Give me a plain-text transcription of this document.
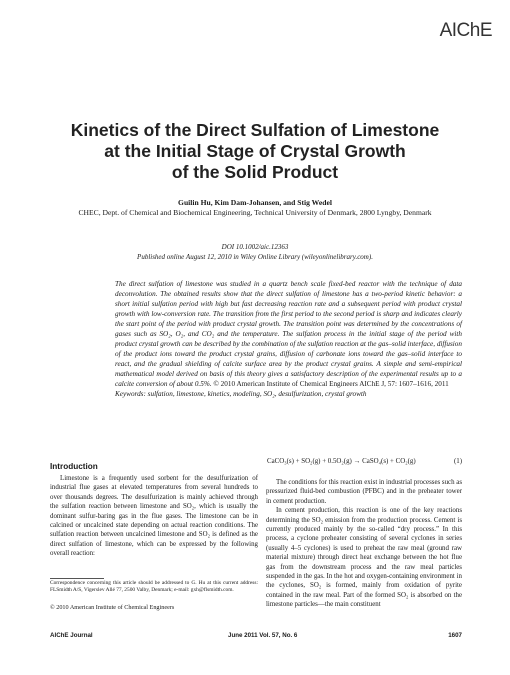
AIChE
Kinetics of the Direct Sulfation of Limestone
at the Initial Stage of Crystal Growth
of the Solid Product
Guilin Hu, Kim Dam-Johansen, and Stig Wedel
CHEC, Dept. of Chemical and Biochemical Engineering, Technical University of Denmark, 2800 Lyngby, Denmark
DOI 10.1002/aic.12363
Published online August 12, 2010 in Wiley Online Library (wileyonlinelibrary.com).
The direct sulfation of limestone was studied in a quartz bench scale fixed-bed reactor with the technique of data deconvolution. The obtained results show that the direct sulfation of limestone has a two-period kinetic behavior: a short initial sulfation period with high but fast decreasing reaction rate and a subsequent period with product crystal growth with low-conversion rate. The transition from the first period to the second period is sharp and indicates clearly the start point of the period with product crystal growth. The transition point was determined by the concentrations of gases such as SO₂, O₂, and CO₂ and the temperature. The sulfation process in the initial stage of the period with product crystal growth can be described by the combination of the sulfation reaction at the gas–solid interface, diffusion of the product ions toward the product crystal grains, diffusion of carbonate ions toward the gas–solid interface to react, and the gradual shielding of calcite surface area by the product crystal grains. A simple and semi-empirical mathematical model derived on basis of this theory gives a satisfactory description of the experimental results up to a calcite conversion of about 0.5%. © 2010 American Institute of Chemical Engineers AIChE J, 57: 1607–1616, 2011
Keywords: sulfation, limestone, kinetics, modeling, SO₂, desulfurization, crystal growth
Introduction

Limestone is a frequently used sorbent for the desulfurization of industrial flue gases at elevated temperatures from several hundreds to over thousands degrees. The desulfurization is mainly achieved through the sulfation reaction between limestone and SO₂, which is usually the dominant sulfur-baring gas in the flue gases. The limestone can be in calcined or uncalcined state depending on actual reaction conditions. The sulfation reaction between uncalcined limestone and SO₂ is defined as the direct sulfation of limestone, which can be expressed by the following overall reaction:

Correspondence concerning this article should be addressed to G. Hu at this current address: FLSmidth A/S, Vigerslev Allé 77, 2500 Valby, Denmark; e-mail: gxh@flsmidth.com.
© 2010 American Institute of Chemical Engineers
CaCO₃(s) + SO₂(g) + 0.5O₂(g) → CaSO₄(s) + CO₂(g)	(1)

The conditions for this reaction exist in industrial processes such as pressurized fluid-bed combustion (PFBC) and in the preheater tower in cement production.

In cement production, this reaction is one of the key reactions determining the SO₂ emission from the production process. Cement is currently produced mainly by the so-called “dry process.” In this process, a cyclone preheater consisting of several cyclones in series (usually 4–5 cyclones) is used to preheat the raw meal (ground raw material mixture) through direct heat exchange between the hot flue gas from the downstream process and the raw meal particles suspended in the gas. In the hot and oxygen-containing environment in the cyclones, SO₂ is formed, mainly from oxidation of pyrite contained in the raw meal. Part of the formed SO₂ is absorbed on the limestone particles—the main constituent

AIChE Journal	June 2011 Vol. 57, No. 6	1607
